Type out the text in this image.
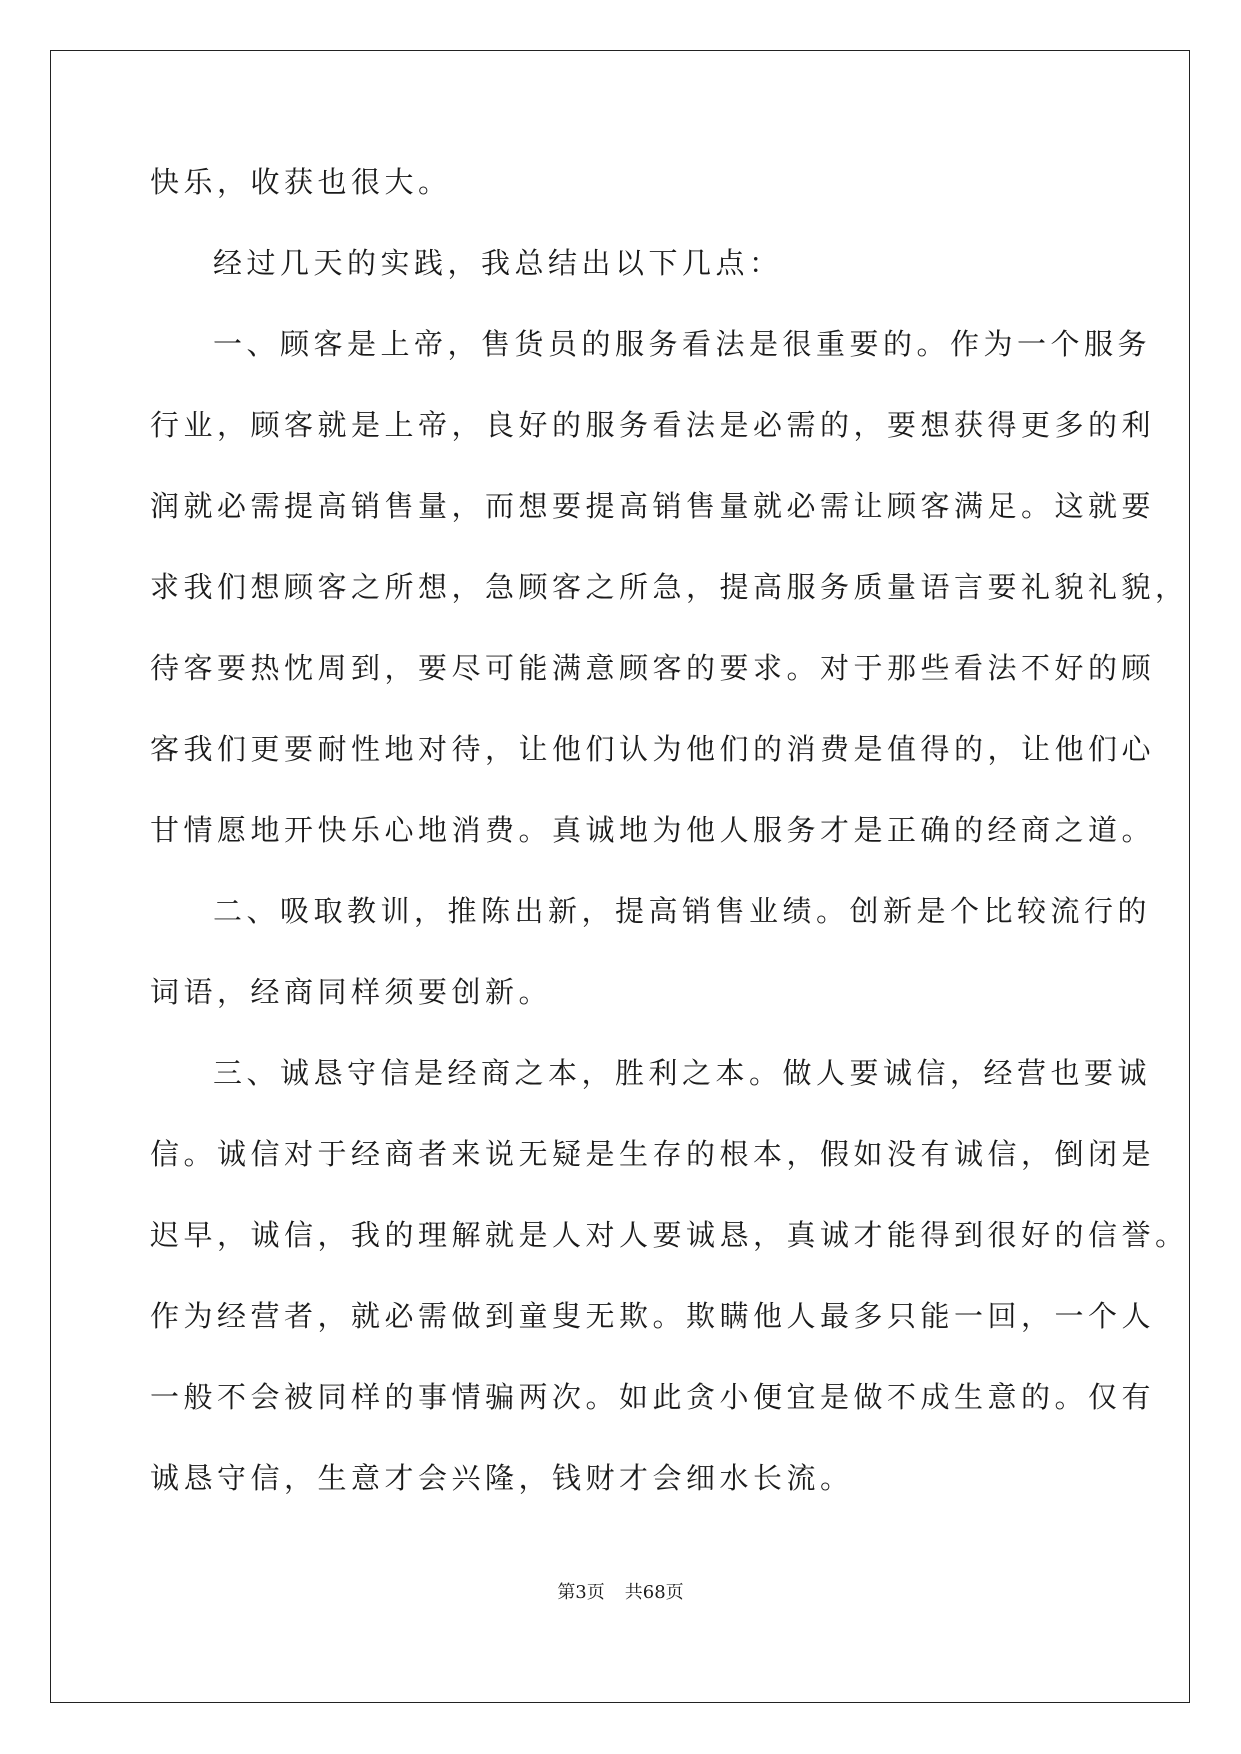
快乐，收获也很大。
经过几天的实践，我总结出以下几点：
一、顾客是上帝，售货员的服务看法是很重要的。作为一个服务
行业，顾客就是上帝，良好的服务看法是必需的，要想获得更多的利
润就必需提高销售量，而想要提高销售量就必需让顾客满足。这就要
求我们想顾客之所想，急顾客之所急，提高服务质量语言要礼貌礼貌，
待客要热忱周到，要尽可能满意顾客的要求。对于那些看法不好的顾
客我们更要耐性地对待，让他们认为他们的消费是值得的，让他们心
甘情愿地开快乐心地消费。真诚地为他人服务才是正确的经商之道。
二、吸取教训，推陈出新，提高销售业绩。创新是个比较流行的
词语，经商同样须要创新。
三、诚恳守信是经商之本，胜利之本。做人要诚信，经营也要诚
信。诚信对于经商者来说无疑是生存的根本，假如没有诚信，倒闭是
迟早，诚信，我的理解就是人对人要诚恳，真诚才能得到很好的信誉。
作为经营者，就必需做到童叟无欺。欺瞒他人最多只能一回，一个人
一般不会被同样的事情骗两次。如此贪小便宜是做不成生意的。仅有
诚恳守信，生意才会兴隆，钱财才会细水长流。
第3页 共68页
